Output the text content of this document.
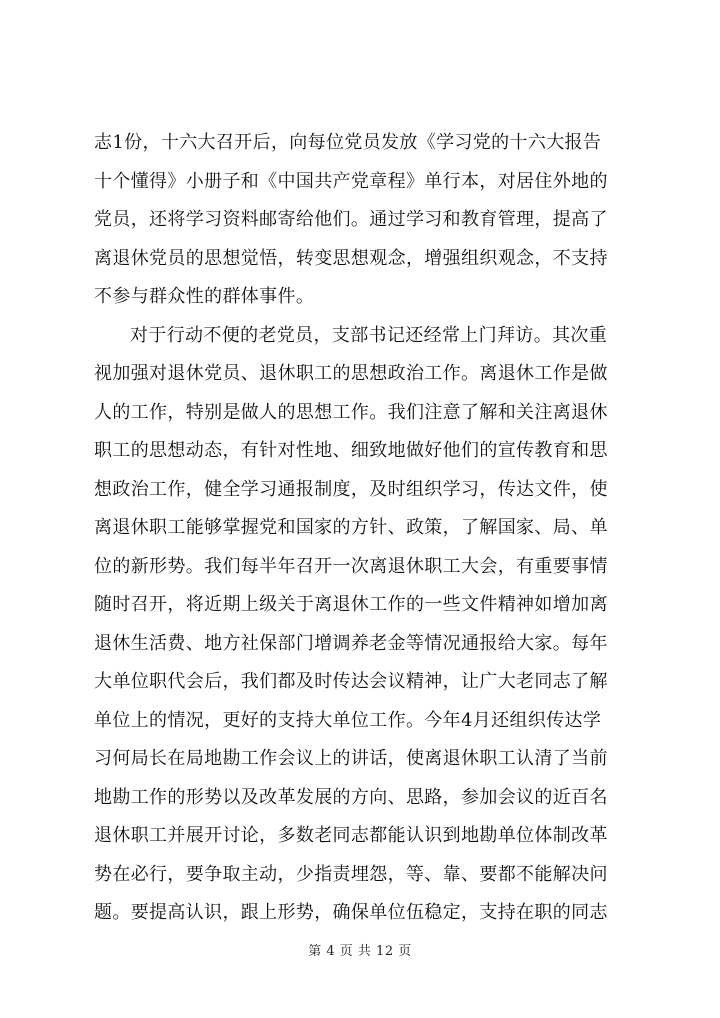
志1份，十六大召开后，向每位党员发放《学习党的十六大报告
十个懂得》小册子和《中国共产党章程》单行本，对居住外地的
党员，还将学习资料邮寄给他们。通过学习和教育管理，提高了
离退休党员的思想觉悟，转变思想观念，增强组织观念，不支持
不参与群众性的群体事件。
对于行动不便的老党员，支部书记还经常上门拜访。其次重
视加强对退休党员、退休职工的思想政治工作。离退休工作是做
人的工作，特别是做人的思想工作。我们注意了解和关注离退休
职工的思想动态，有针对性地、细致地做好他们的宣传教育和思
想政治工作，健全学习通报制度，及时组织学习，传达文件，使
离退休职工能够掌握党和国家的方针、政策，了解国家、局、单
位的新形势。我们每半年召开一次离退休职工大会，有重要事情
随时召开，将近期上级关于离退休工作的一些文件精神如增加离
退休生活费、地方社保部门增调养老金等情况通报给大家。每年
大单位职代会后，我们都及时传达会议精神，让广大老同志了解
单位上的情况，更好的支持大单位工作。今年4月还组织传达学
习何局长在局地勘工作会议上的讲话，使离退休职工认清了当前
地勘工作的形势以及改革发展的方向、思路，参加会议的近百名
退休职工并展开讨论，多数老同志都能认识到地勘单位体制改革
势在必行，要争取主动，少指责埋怨，等、靠、要都不能解决问
题。要提高认识，跟上形势，确保单位伍稳定，支持在职的同志
第 4 页 共 12 页
